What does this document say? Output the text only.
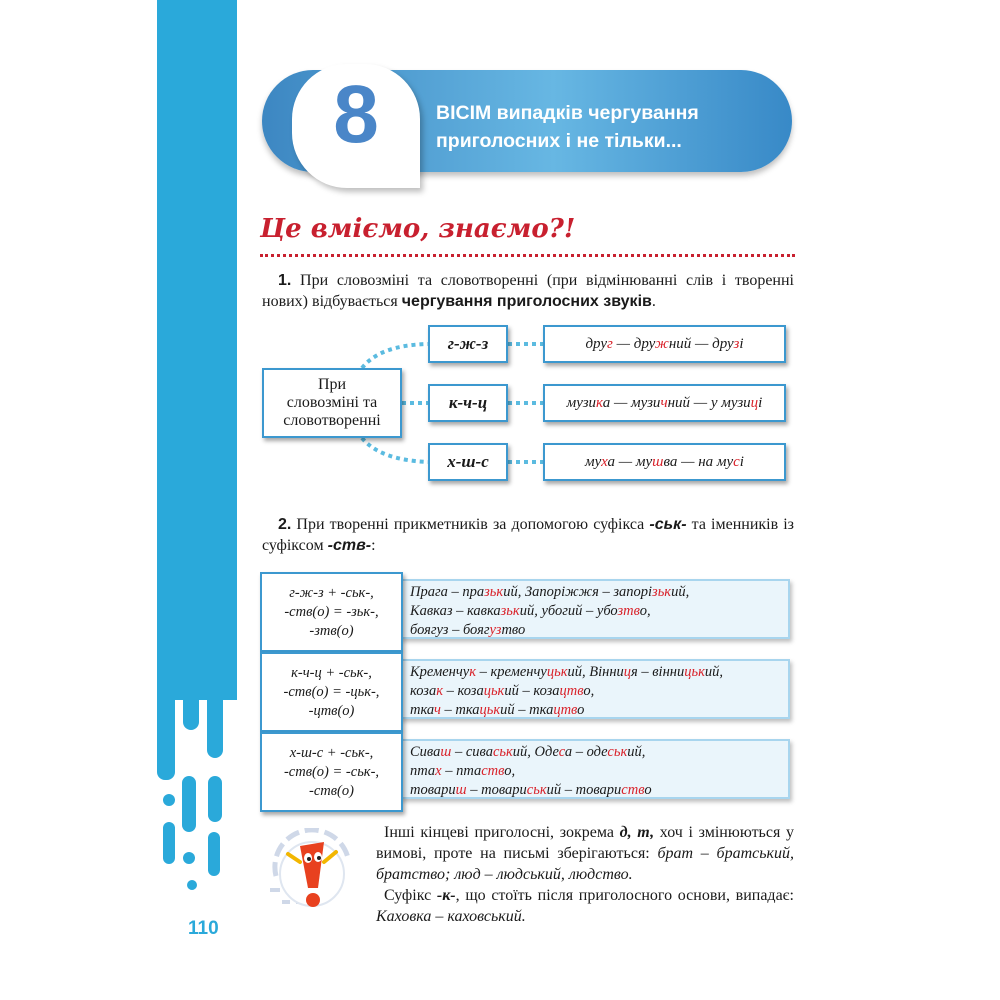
110
8	ВІСІМ випадків чергування
приголосних і не тільки...
Це вміємо, знаємо?!

1. При словозміні та словотворенні (при відмінюванні слів і творенні нових) відбувається чергування приголосних звуків.

При
словозміні та
словотворенні
г-ж-з
к-ч-ц
х-ш-с
друг — дружний — друзі
музика — музичний — у музиці
муха — мушва — на мусі

2. При творенні прикметників за допомогою суфікса -ськ- та іменників із суфіксом -ств-:

Прага – празький, Запоріжжя – запорізький,
Кавказ – кавказький, убогий – убозтво,
боягуз – боягузтво
г-ж-з + -ськ-,
-ств(о) = -зьк-,
-зтв(о)
Кременчук – кременчуцький, Вінниця – вінницький,
козак – козацький – козацтво,
ткач – ткацький – ткацтво
к-ч-ц + -ськ-,
-ств(о) = -цьк-,
-цтв(о)
Сиваш – сиваський, Одеса – одеський,
птах – птаство,
товариш – товариський – товариство
х-ш-с + -ськ-,
-ств(о) = -ськ-,
-ств(о)

Інші кінцеві приголосні, зокрема д, т, хоч і змінюються у вимові, проте на письмі зберігаються: брат – братський, братство; люд – людський, людство.

Суфікс -к-, що стоїть після приголосного основи, випадає: Каховка – каховський.
